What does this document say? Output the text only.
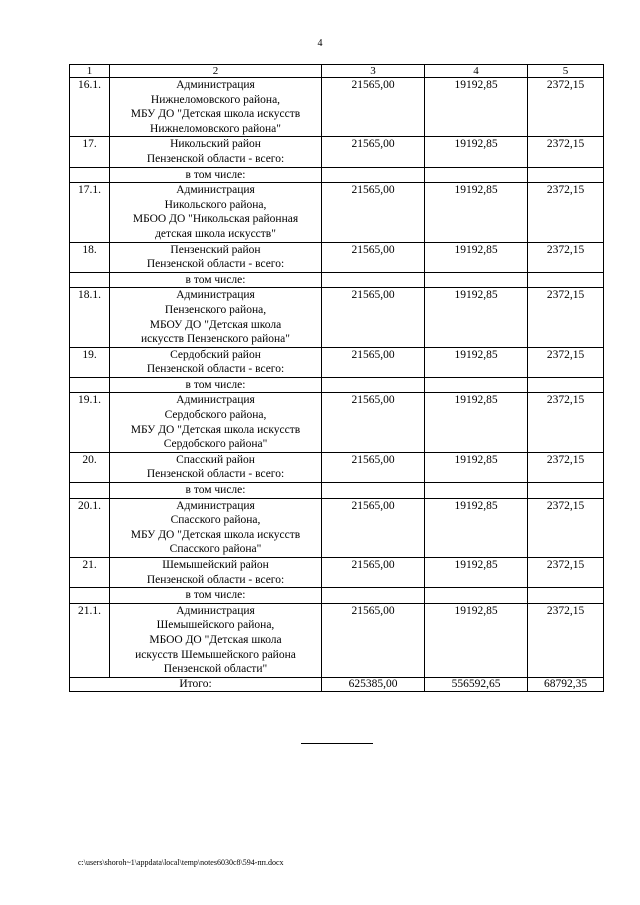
4
1	2	3	4	5
16.1.	Администрация
Нижнеломовского района,
МБУ ДО "Детская школа искусств
Нижнеломовского района"	21565,00	19192,85	2372,15
17.	Никольский район
Пензенской области - всего:	21565,00	19192,85	2372,15
	в том числе:			
17.1.	Администрация
Никольского района,
МБОО ДО "Никольская районная
детская школа искусств"	21565,00	19192,85	2372,15
18.	Пензенский район
Пензенской области - всего:	21565,00	19192,85	2372,15
	в том числе:			
18.1.	Администрация
Пензенского района,
МБОУ ДО "Детская школа
искусств Пензенского района"	21565,00	19192,85	2372,15
19.	Сердобский район
Пензенской области - всего:	21565,00	19192,85	2372,15
	в том числе:			
19.1.	Администрация
Сердобского района,
МБУ ДО "Детская школа искусств
Сердобского района"	21565,00	19192,85	2372,15
20.	Спасский район
Пензенской области - всего:	21565,00	19192,85	2372,15
	в том числе:			
20.1.	Администрация
Спасского района,
МБУ ДО "Детская школа искусств
Спасского района"	21565,00	19192,85	2372,15
21.	Шемышейский район
Пензенской области - всего:	21565,00	19192,85	2372,15
	в том числе:			
21.1.	Администрация
Шемышейского района,
МБОО ДО "Детская школа
искусств Шемышейского района
Пензенской области"	21565,00	19192,85	2372,15
Итого:		625385,00	556592,65	68792,35
c:\users\shoroh~1\appdata\local\temp\notes6030c8\594-пп.docx
